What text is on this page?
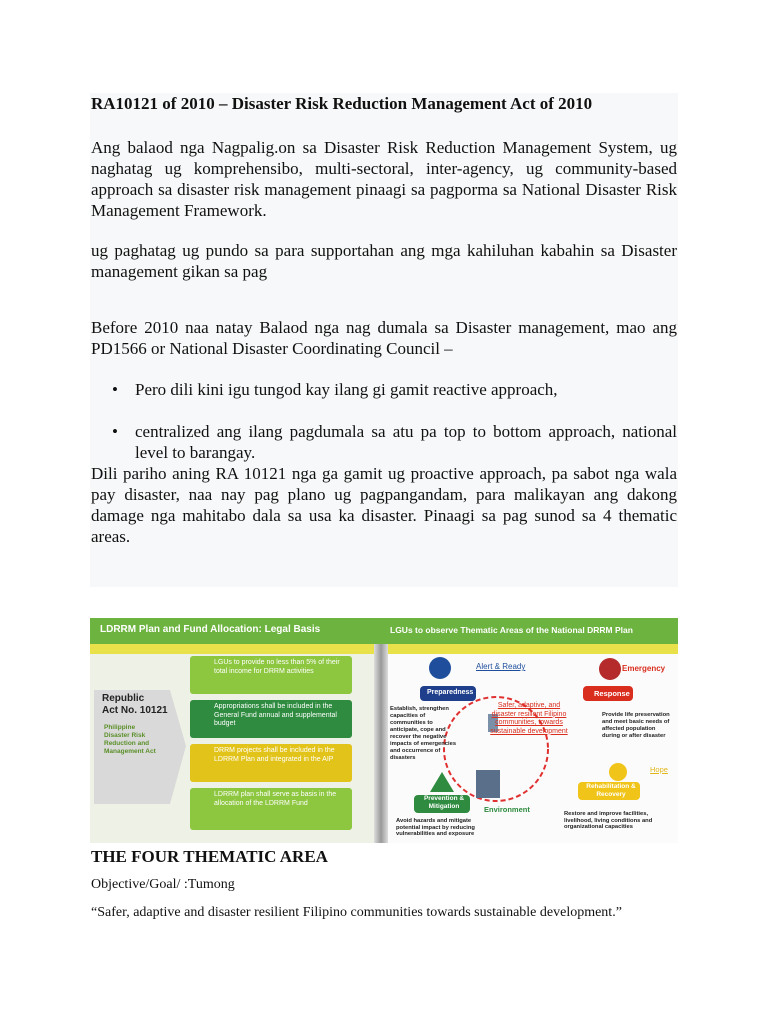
RA10121 of 2010 – Disaster Risk Reduction Management Act of 2010
Ang balaod nga Nagpalig.on sa Disaster Risk Reduction Management System, ug naghatag ug komprehensibo, multi-sectoral, inter-agency, ug community-based approach sa disaster risk management pinaagi sa pagporma sa National Disaster Risk Management Framework.
ug paghatag ug pundo sa para supportahan ang mga kahiluhan kabahin sa Disaster management gikan sa pag
Before 2010 naa natay Balaod nga nag dumala sa Disaster management, mao ang PD1566 or National Disaster Coordinating Council –
• Pero dili kini igu tungod kay ilang gi gamit reactive approach,
• centralized ang ilang pagdumala sa atu pa top to bottom approach, national level to barangay.
Dili pariho aning RA 10121 nga ga gamit ug proactive approach, pa sabot nga wala pay disaster, naa nay pag plano ug pagpangandam, para malikayan ang dakong damage nga mahitabo dala sa usa ka disaster. Pinaagi sa pag sunod sa 4 thematic areas.
LDRRM Plan and Fund Allocation: Legal Basis	LGUs to observe Thematic Areas of the National DRRM Plan
Republic
Act No. 10121
Philippine
Disaster Risk
Reduction and
Management Act
LGUs to provide no less than 5% of their total income for DRRM activities
Appropriations shall be included in the General Fund annual and supplemental budget
DRRM projects shall be included in the LDRRM Plan and integrated in the AIP
LDRRM plan shall serve as basis in the allocation of the LDRRM Fund
Alert & Ready	Emergency
Preparedness	Response
Safer, adaptive, and disaster resilient Filipino communities, towards sustainable development
Establish, strengthen capacities of communities to anticipate, cope and recover the negative impacts of emergencies and occurrence of disasters
Provide life preservation and meet basic needs of affected population during or after disaster
Prevention & Mitigation	Environment
Rehabilitation & Recovery
Hope
Avoid hazards and mitigate potential impact by reducing vulnerabilities and exposure
Restore and improve facilities, livelihood, living conditions and organizational capacities
THE FOUR THEMATIC AREA
Objective/Goal/ :Tumong
“Safer, adaptive and disaster resilient Filipino communities towards sustainable development.”
